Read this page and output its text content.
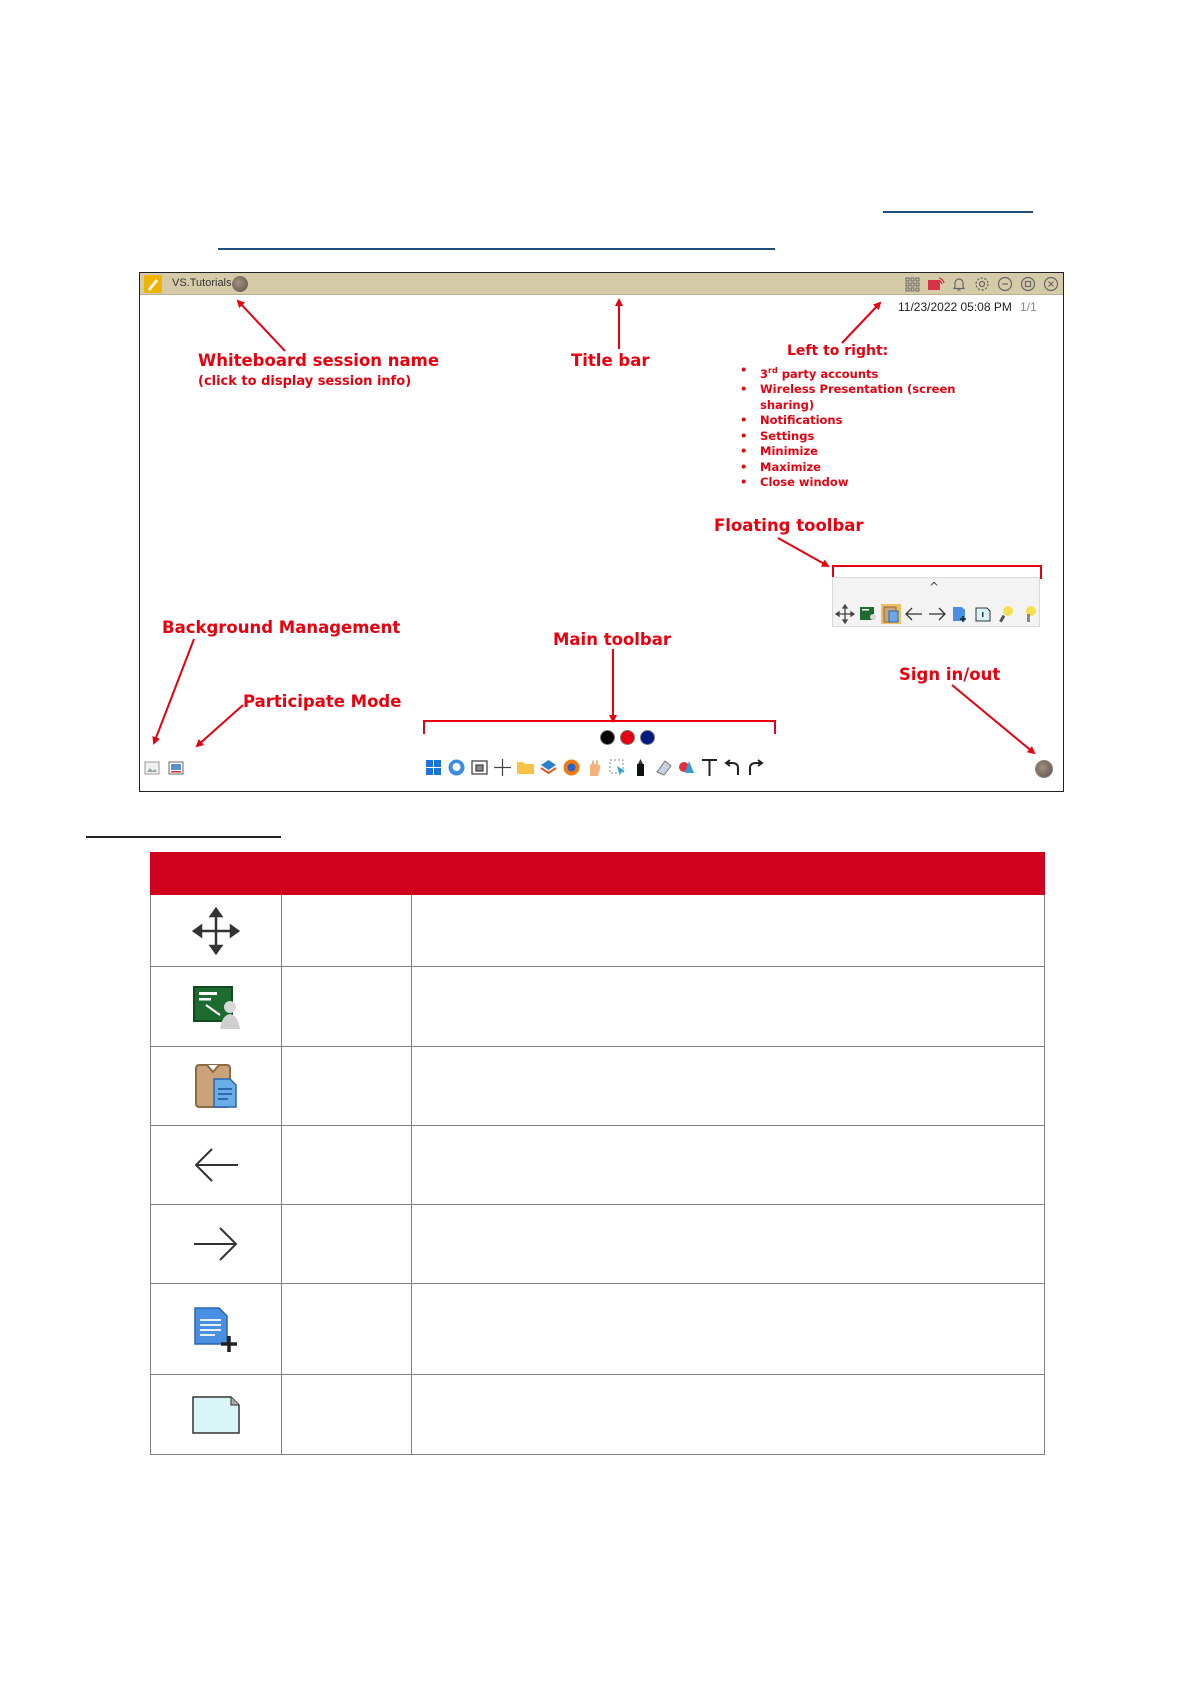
VS.Tutorials
11/23/2022 05:08 PM 1/1
Whiteboard session name
(click to display session info)
Title bar	Left to right:
• 3rd party accounts
• Wireless Presentation (screen sharing)
• Notifications
• Settings
• Minimize
• Maximize
• Close window
Floating toolbar
Background Management
Participate Mode
Main toolbar
Sign in/out
^
